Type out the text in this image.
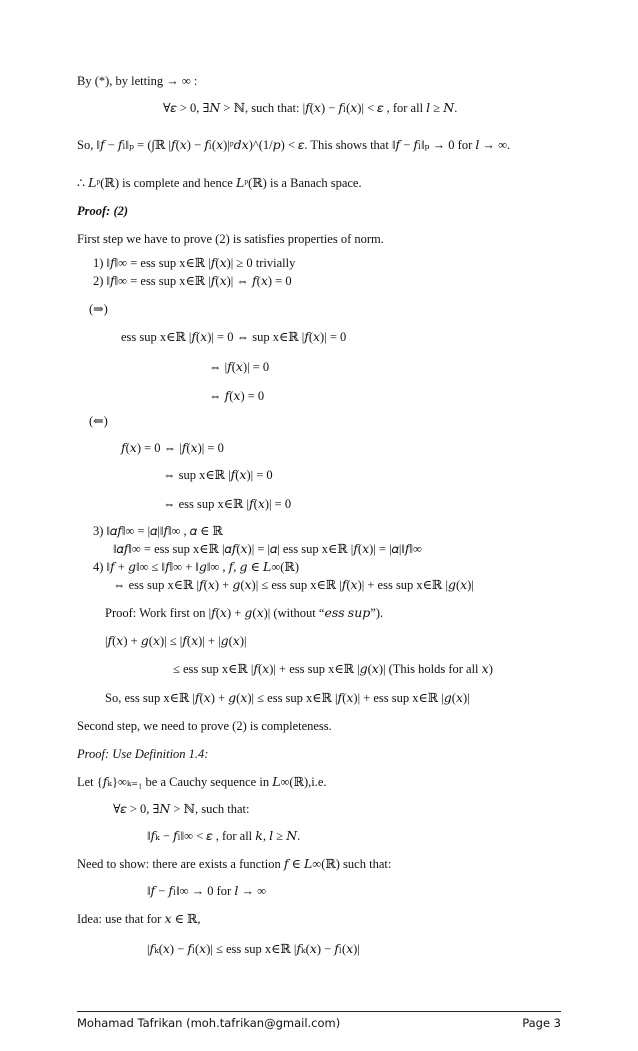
By (*), by letting → ∞ :
∀𝜀 > 0, ∃𝑁 > ℕ, such that: |𝑓(𝑥) − 𝑓ₗ(𝑥)| < 𝜀 , for all 𝑙 ≥ 𝑁.
So, ‖𝑓 − 𝑓ₗ‖ₚ = (∫ℝ |𝑓(𝑥) − 𝑓ₗ(𝑥)|ᵖ𝑑𝑥)^(1/𝑝) < 𝜀. This shows that ‖𝑓 − 𝑓ₗ‖ₚ → 0 for 𝑙 → ∞.
∴ 𝐿ᵖ(ℝ) is complete and hence 𝐿ᵖ(ℝ) is a Banach space.
Proof: (2)
First step we have to prove (2) is satisfies properties of norm.
1) ‖𝑓‖∞ = ess sup x∈ℝ |𝑓(𝑥)| ≥ 0 trivially
2) ‖𝑓‖∞ = ess sup x∈ℝ |𝑓(𝑥)| ⇔ 𝑓(𝑥) = 0
(⇒)
ess sup x∈ℝ |𝑓(𝑥)| = 0 ⇔ sup x∈ℝ |𝑓(𝑥)| = 0
⇔ |𝑓(𝑥)| = 0
⇔ 𝑓(𝑥) = 0
(⇐)
𝑓(𝑥) = 0 ⇔ |𝑓(𝑥)| = 0
⇔ sup x∈ℝ |𝑓(𝑥)| = 0
⇔ ess sup x∈ℝ |𝑓(𝑥)| = 0
3) ‖𝛼𝑓‖∞ = |𝛼|‖𝑓‖∞ , 𝛼 ∈ ℝ
‖𝛼𝑓‖∞ = ess sup x∈ℝ |𝛼𝑓(𝑥)| = |𝛼| ess sup x∈ℝ |𝑓(𝑥)| = |𝛼|‖𝑓‖∞
4) ‖𝑓 + 𝑔‖∞ ≤ ‖𝑓‖∞ + ‖𝑔‖∞ , 𝑓, 𝑔 ∈ 𝐿∞(ℝ)
⇔ ess sup x∈ℝ |𝑓(𝑥) + 𝑔(𝑥)| ≤ ess sup x∈ℝ |𝑓(𝑥)| + ess sup x∈ℝ |𝑔(𝑥)|
Proof: Work first on |𝑓(𝑥) + 𝑔(𝑥)| (without “𝑒𝑠𝑠 𝑠𝑢𝑝”).
|𝑓(𝑥) + 𝑔(𝑥)| ≤ |𝑓(𝑥)| + |𝑔(𝑥)|
≤ ess sup x∈ℝ |𝑓(𝑥)| + ess sup x∈ℝ |𝑔(𝑥)| (This holds for all 𝑥)
So, ess sup x∈ℝ |𝑓(𝑥) + 𝑔(𝑥)| ≤ ess sup x∈ℝ |𝑓(𝑥)| + ess sup x∈ℝ |𝑔(𝑥)|
Second step, we need to prove (2) is completeness.
Proof: Use Definition 1.4:
Let {𝑓ₖ}∞ₖ₌₁ be a Cauchy sequence in 𝐿∞(ℝ),i.e.
∀𝜀 > 0, ∃𝑁 > ℕ, such that:
‖𝑓ₖ − 𝑓ₗ‖∞ < 𝜀 , for all 𝑘, 𝑙 ≥ 𝑁.
Need to show: there are exists a function 𝑓 ∈ 𝐿∞(ℝ) such that:
‖𝑓 − 𝑓ₗ‖∞ → 0 for 𝑙 → ∞
Idea: use that for 𝑥 ∈ ℝ,
|𝑓ₖ(𝑥) − 𝑓ₗ(𝑥)| ≤ ess sup x∈ℝ |𝑓ₖ(𝑥) − 𝑓ₗ(𝑥)|
Mohamad Tafrikan (moh.tafrikan@gmail.com)	Page 3
